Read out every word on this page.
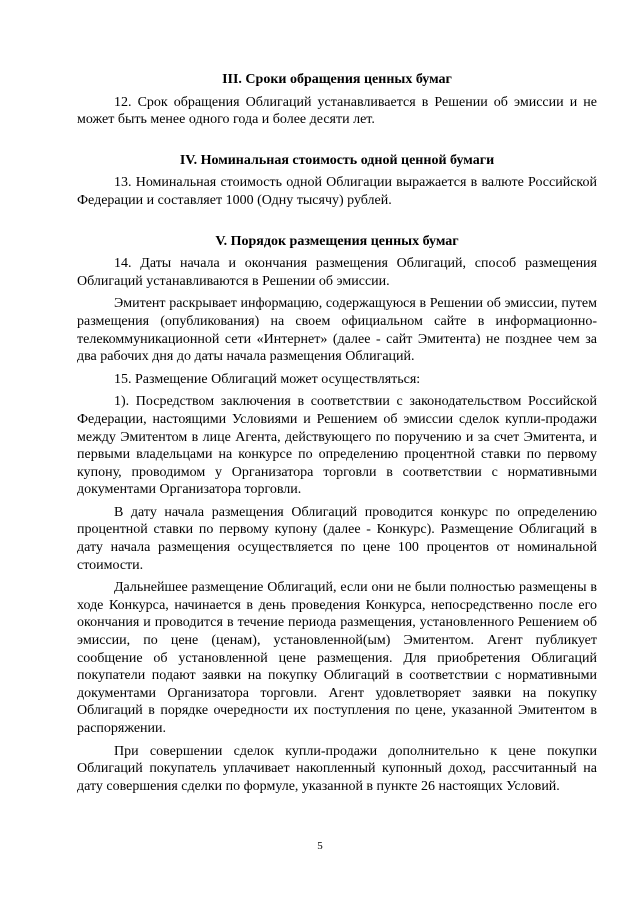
III. Сроки обращения ценных бумаг

12. Срок обращения Облигаций устанавливается в Решении об эмиссии и не может быть менее одного года и более десяти лет.

IV. Номинальная стоимость одной ценной бумаги

13. Номинальная стоимость одной Облигации выражается в валюте Российской Федерации и составляет 1000 (Одну тысячу) рублей.

V. Порядок размещения ценных бумаг

14. Даты начала и окончания размещения Облигаций, способ размещения Облигаций устанавливаются в Решении об эмиссии.

Эмитент раскрывает информацию, содержащуюся в Решении об эмиссии, путем размещения (опубликования) на своем официальном сайте в информационно-телекоммуникационной сети «Интернет» (далее - сайт Эмитента) не позднее чем за два рабочих дня до даты начала размещения Облигаций.

15. Размещение Облигаций может осуществляться:

1). Посредством заключения в соответствии с законодательством Российской Федерации, настоящими Условиями и Решением об эмиссии сделок купли-продажи между Эмитентом в лице Агента, действующего по поручению и за счет Эмитента, и первыми владельцами на конкурсе по определению процентной ставки по первому купону, проводимом у Организатора торговли в соответствии с нормативными документами Организатора торговли.

В дату начала размещения Облигаций проводится конкурс по определению процентной ставки по первому купону (далее - Конкурс). Размещение Облигаций в дату начала размещения осуществляется по цене 100 процентов от номинальной стоимости.

Дальнейшее размещение Облигаций, если они не были полностью размещены в ходе Конкурса, начинается в день проведения Конкурса, непосредственно после его окончания и проводится в течение периода размещения, установленного Решением об эмиссии, по цене (ценам), установленной(ым) Эмитентом. Агент публикует сообщение об установленной цене размещения. Для приобретения Облигаций покупатели подают заявки на покупку Облигаций в соответствии с нормативными документами Организатора торговли. Агент удовлетворяет заявки на покупку Облигаций в порядке очередности их поступления по цене, указанной Эмитентом в распоряжении.

При совершении сделок купли-продажи дополнительно к цене покупки Облигаций покупатель уплачивает накопленный купонный доход, рассчитанный на дату совершения сделки по формуле, указанной в пункте 26 настоящих Условий.

5
